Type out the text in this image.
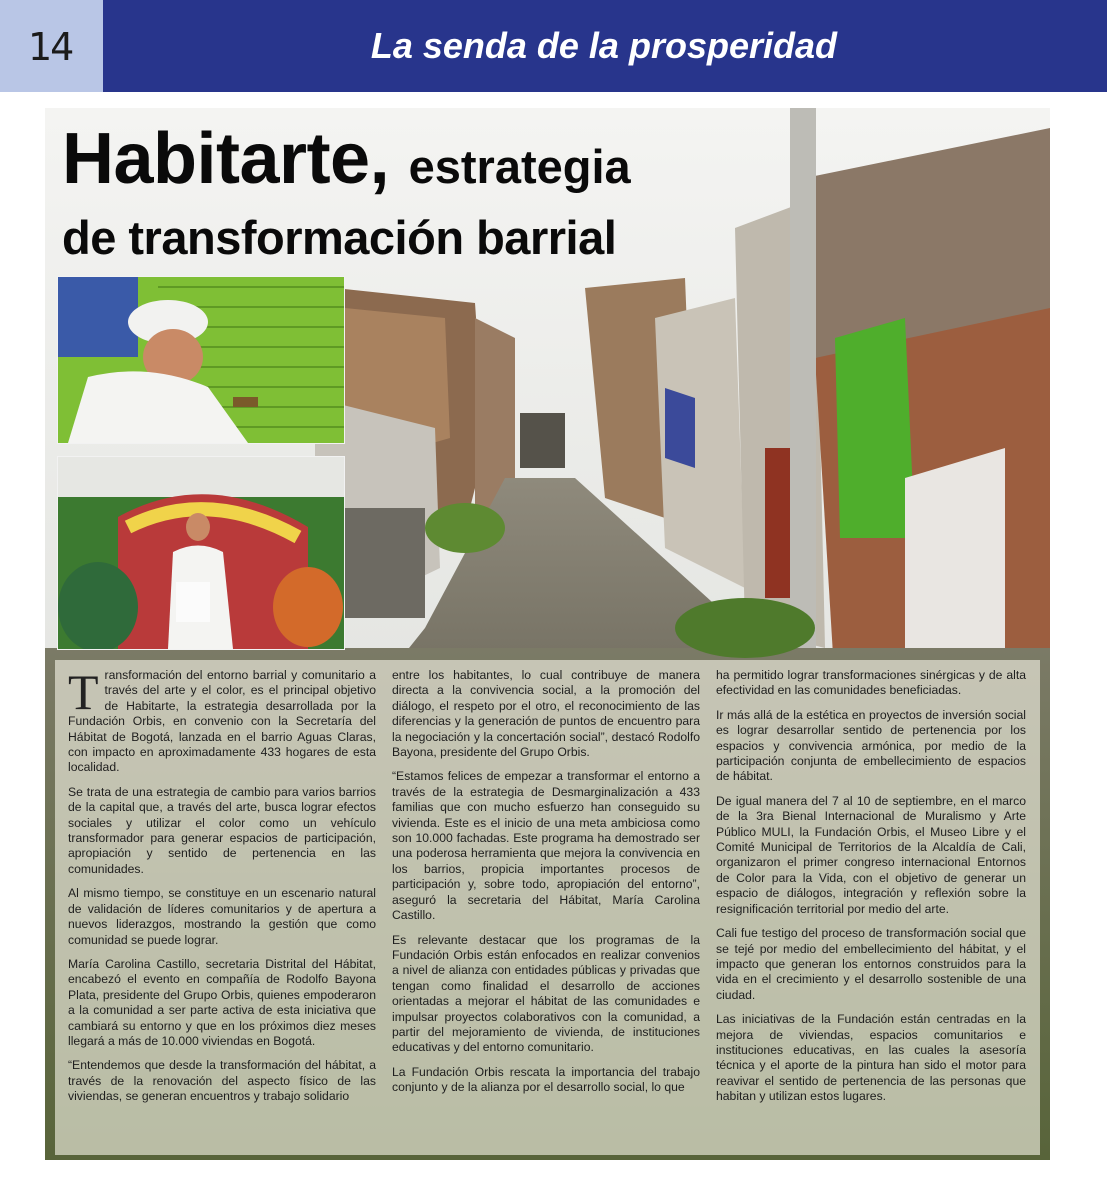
14	La senda de la prosperidad
Habitarte, estrategia
de transformación barrial

Transformación del entorno barrial y comunitario a través del arte y el color, es el principal objetivo de Habitarte, la estrategia desarrollada por la Fundación Orbis, en convenio con la Secretaría del Hábitat de Bogotá, lanzada en el barrio Aguas Claras, con impacto en aproximadamente 433 hogares de esta localidad.

Se trata de una estrategia de cambio para varios barrios de la capital que, a través del arte, busca lograr efectos sociales y utilizar el color como un vehículo transformador para generar espacios de participación, apropiación y sentido de pertenencia en las comunidades.

Al mismo tiempo, se constituye en un escenario natural de validación de líderes comunitarios y de apertura a nuevos liderazgos, mostrando la gestión que como comunidad se puede lograr.

María Carolina Castillo, secretaria Distrital del Hábitat, encabezó el evento en compañía de Rodolfo Bayona Plata, presidente del Grupo Orbis, quienes empoderaron a la comunidad a ser parte activa de esta iniciativa que cambiará su entorno y que en los próximos diez meses llegará a más de 10.000 viviendas en Bogotá.

“Entendemos que desde la transformación del hábitat, a través de la renovación del aspecto físico de las viviendas, se generan encuentros y trabajo solidario

entre los habitantes, lo cual contribuye de manera directa a la convivencia social, a la promoción del diálogo, el respeto por el otro, el reconocimiento de las diferencias y la generación de puntos de encuentro para la negociación y la concertación social”, destacó Rodolfo Bayona, presidente del Grupo Orbis.

“Estamos felices de empezar a transformar el entorno a través de la estrategia de Desmarginalización a 433 familias que con mucho esfuerzo han conseguido su vivienda. Este es el inicio de una meta ambiciosa como son 10.000 fachadas. Este programa ha demostrado ser una poderosa herramienta que mejora la convivencia en los barrios, propicia importantes procesos de participación y, sobre todo, apropiación del entorno”, aseguró la secretaria del Hábitat, María Carolina Castillo.

Es relevante destacar que los programas de la Fundación Orbis están enfocados en realizar convenios a nivel de alianza con entidades públicas y privadas que tengan como finalidad el desarrollo de acciones orientadas a mejorar el hábitat de las comunidades e impulsar proyectos colaborativos con la comunidad, a partir del mejoramiento de vivienda, de instituciones educativas y del entorno comunitario.

La Fundación Orbis rescata la importancia del trabajo conjunto y de la alianza por el desarrollo social, lo que

ha permitido lograr transformaciones sinérgicas y de alta efectividad en las comunidades beneficiadas.

Ir más allá de la estética en proyectos de inversión social es lograr desarrollar sentido de pertenencia por los espacios y convivencia armónica, por medio de la participación conjunta de embellecimiento de espacios de hábitat.

De igual manera del 7 al 10 de septiembre, en el marco de la 3ra Bienal Internacional de Muralismo y Arte Público MULI, la Fundación Orbis, el Museo Libre y el Comité Municipal de Territorios de la Alcaldía de Cali, organizaron el primer congreso internacional Entornos de Color para la Vida, con el objetivo de generar un espacio de diálogos, integración y reflexión sobre la resignificación territorial por medio del arte.

Cali fue testigo del proceso de transformación social que se tejé por medio del embellecimiento del hábitat, y el impacto que generan los entornos construidos para la vida en el crecimiento y el desarrollo sostenible de una ciudad.

Las iniciativas de la Fundación están centradas en la mejora de viviendas, espacios comunitarios e instituciones educativas, en las cuales la asesoría técnica y el aporte de la pintura han sido el motor para reavivar el sentido de pertenencia de las personas que habitan y utilizan estos lugares.
